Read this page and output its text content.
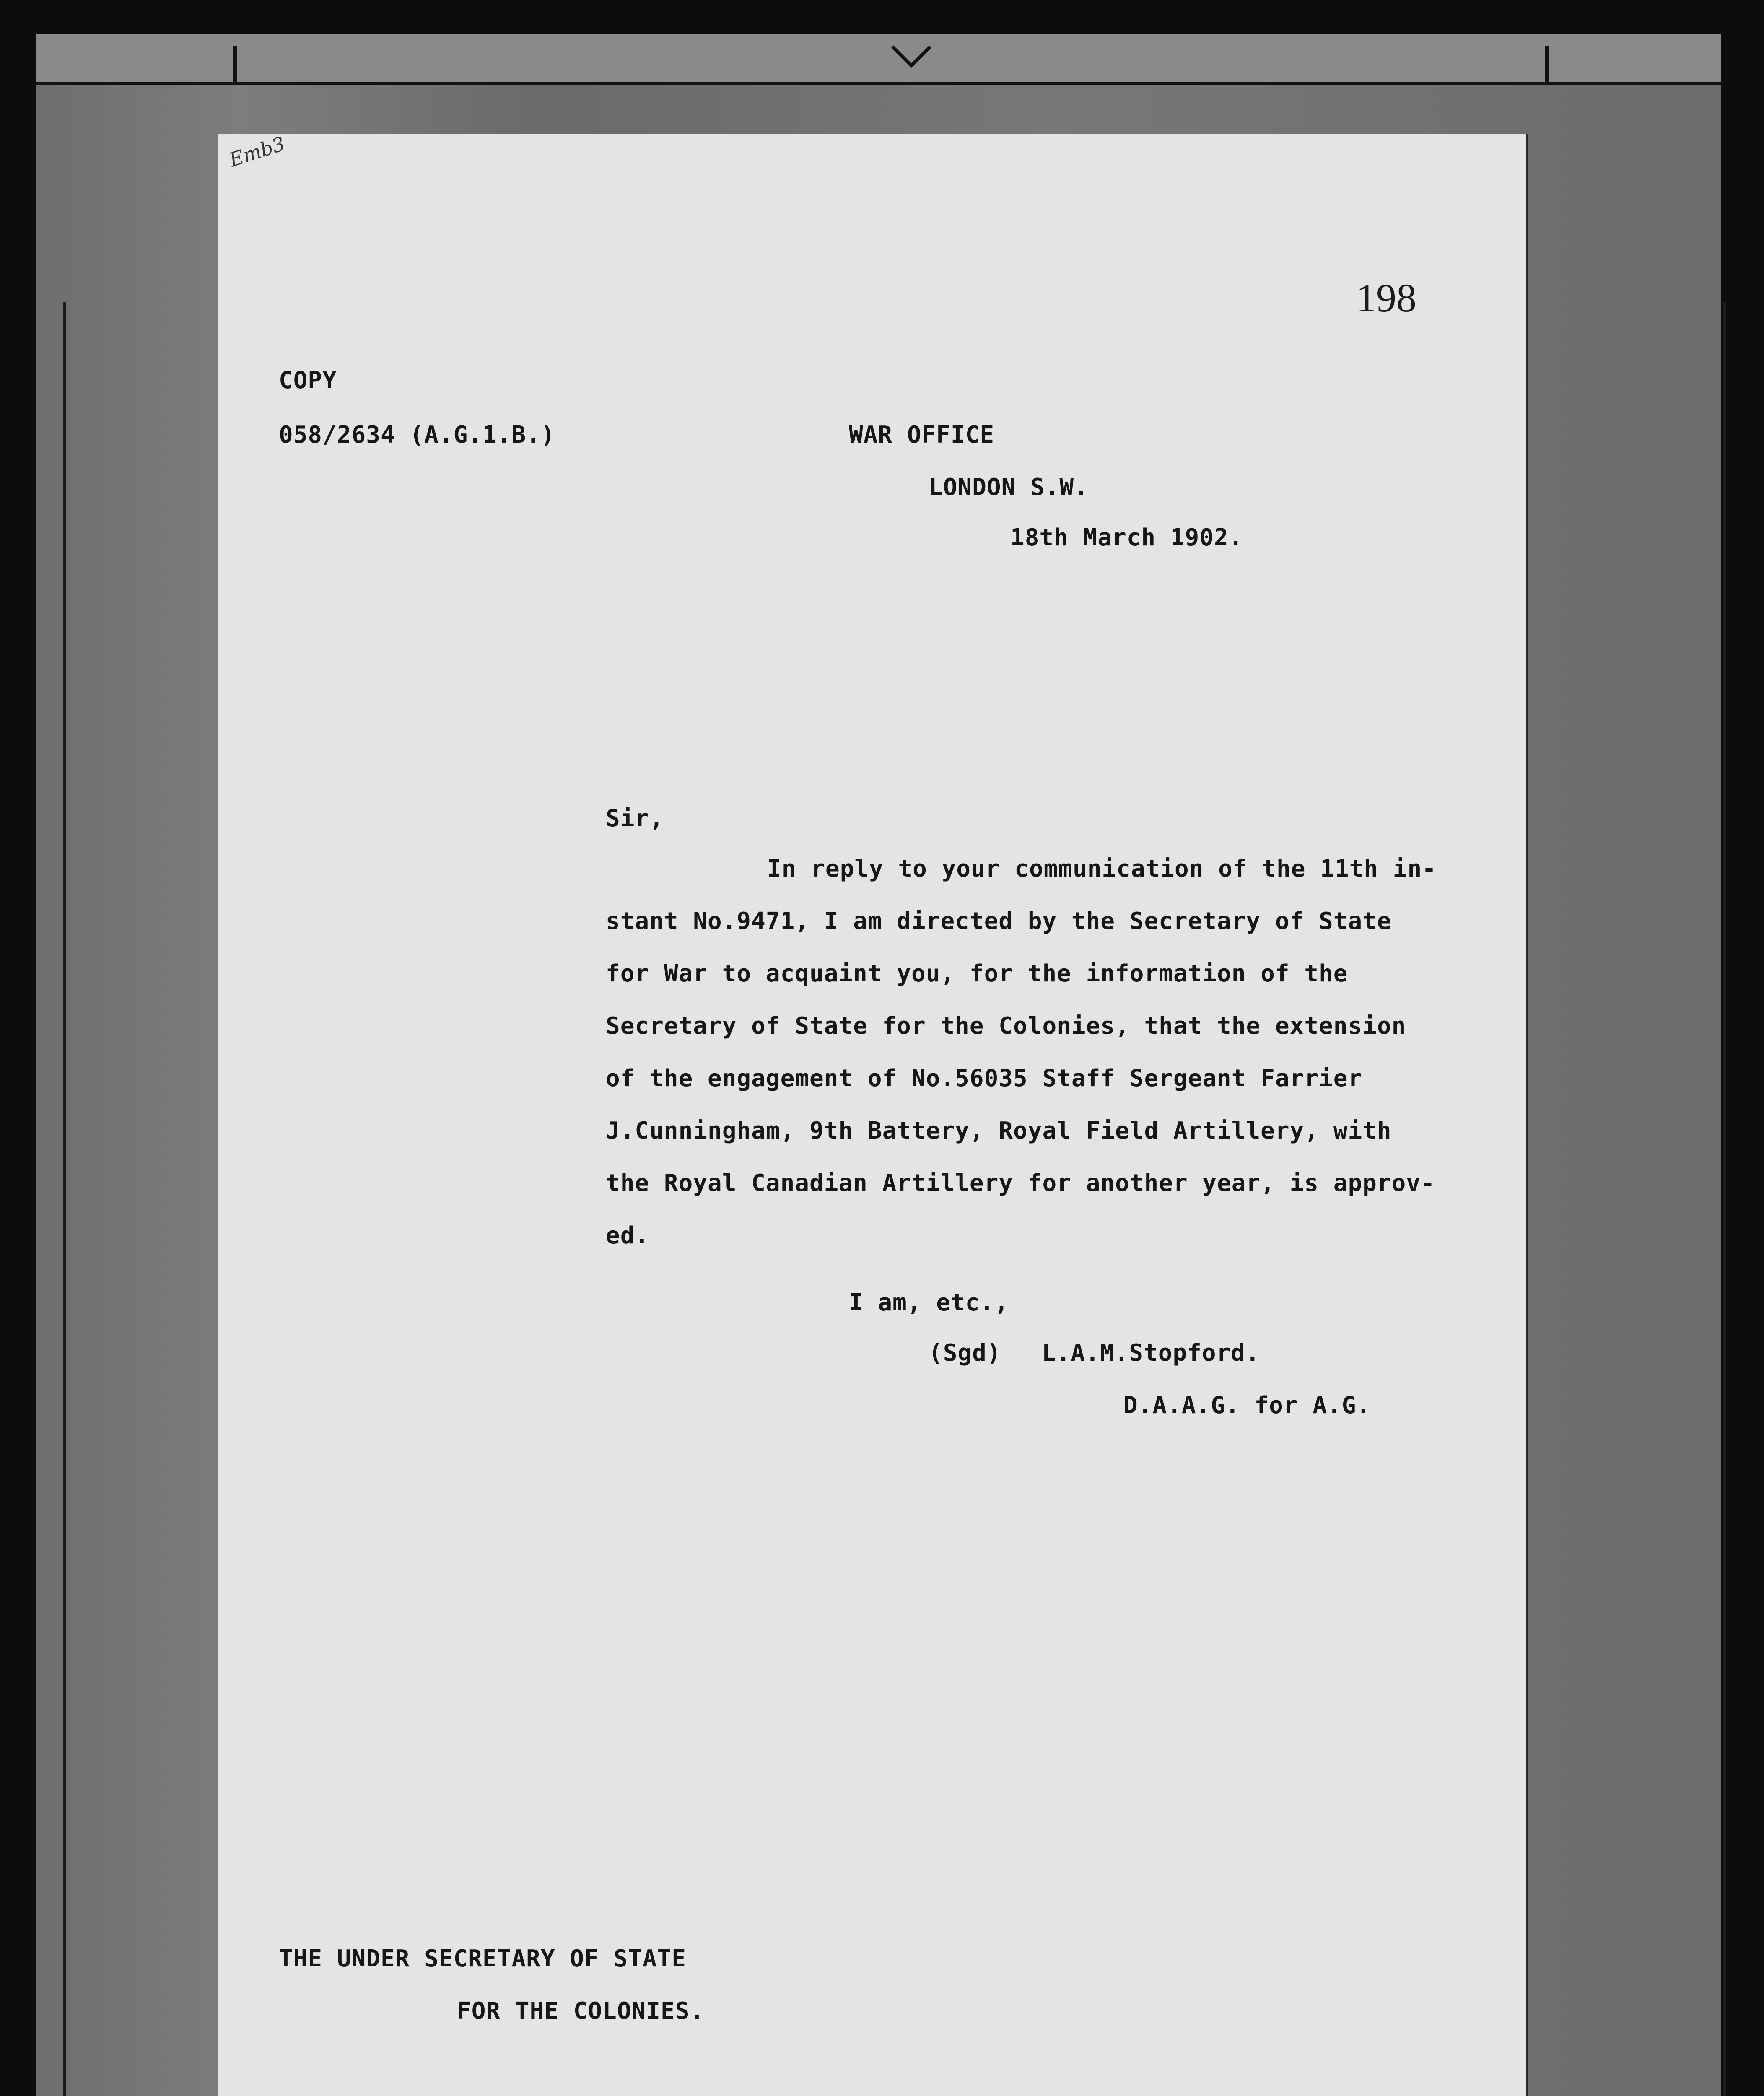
Emb3
198
COPY
058/2634 (A.G.1.B.)	WAR OFFICE
LONDON S.W.
18th March 1902.
Sir,
In reply to your communication of the 11th in-
stant No.9471, I am directed by the Secretary of State
for War to acquaint you, for the information of the
Secretary of State for the Colonies, that the extension
of the engagement of No.56035 Staff Sergeant Farrier
J.Cunningham, 9th Battery, Royal Field Artillery, with
the Royal Canadian Artillery for another year, is approv-
ed.
I am, etc.,
(Sgd) L.A.M.Stopford.
D.A.A.G. for A.G.
THE UNDER SECRETARY OF STATE
FOR THE COLONIES.
